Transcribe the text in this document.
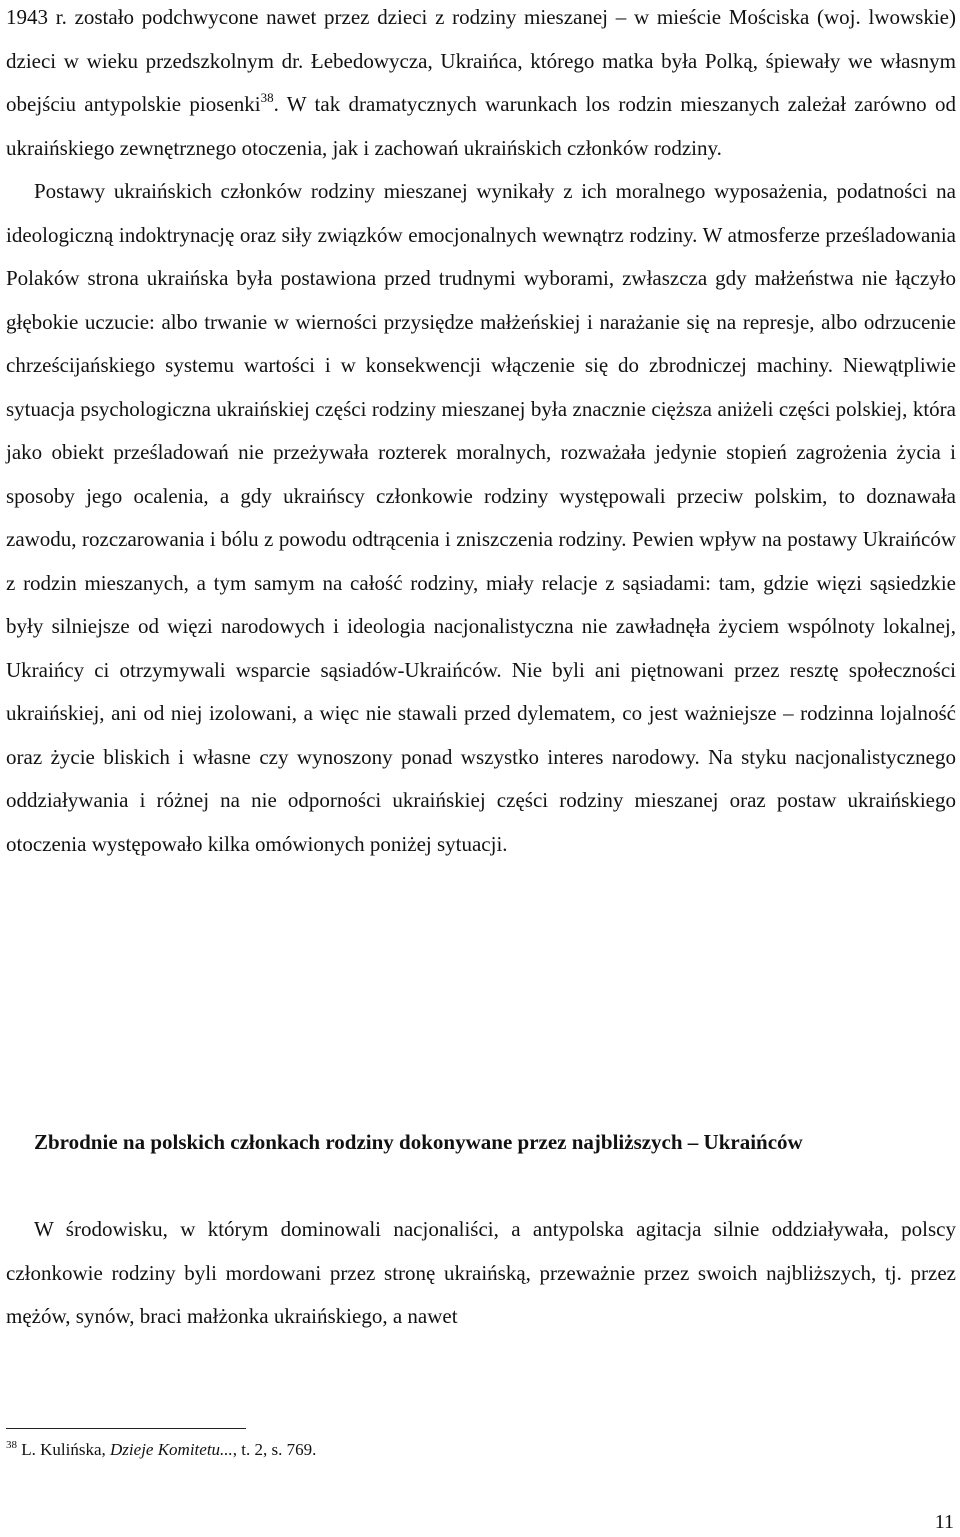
1943 r. zostało podchwycone nawet przez dzieci z rodziny mieszanej – w mieście Mościska (woj. lwowskie) dzieci w wieku przedszkolnym dr. Łebedowycza, Ukraińca, którego matka była Polką, śpiewały we własnym obejściu antypolskie piosenki$^{38}$. W tak dramatycznych warunkach los rodzin mieszanych zależał zarówno od ukraińskiego zewnętrznego otoczenia, jak i zachowań ukraińskich członków rodziny.

Postawy ukraińskich członków rodziny mieszanej wynikały z ich moralnego wyposażenia, podatności na ideologiczną indoktrynację oraz siły związków emocjonalnych wewnątrz rodziny. W atmosferze prześladowania Polaków strona ukraińska była postawiona przed trudnymi wyborami, zwłaszcza gdy małżeństwa nie łączyło głębokie uczucie: albo trwanie w wierności przysiędze małżeńskiej i narażanie się na represje, albo odrzucenie chrześcijańskiego systemu wartości i w konsekwencji włączenie się do zbrodniczej machiny. Niewątpliwie sytuacja psychologiczna ukraińskiej części rodziny mieszanej była znacznie cięższa aniżeli części polskiej, która jako obiekt prześladowań nie przeżywała rozterek moralnych, rozważała jedynie stopień zagrożenia życia i sposoby jego ocalenia, a gdy ukraińscy członkowie rodziny występowali przeciw polskim, to doznawała zawodu, rozczarowania i bólu z powodu odtrącenia i zniszczenia rodziny. Pewien wpływ na postawy Ukraińców z rodzin mieszanych, a tym samym na całość rodziny, miały relacje z sąsiadami: tam, gdzie więzi sąsiedzkie były silniejsze od więzi narodowych i ideologia nacjonalistyczna nie zawładnęła życiem wspólnoty lokalnej, Ukraińcy ci otrzymywali wsparcie sąsiadów-Ukraińców. Nie byli ani piętnowani przez resztę społeczności ukraińskiej, ani od niej izolowani, a więc nie stawali przed dylematem, co jest ważniejsze – rodzinna lojalność oraz życie bliskich i własne czy wynoszony ponad wszystko interes narodowy. Na styku nacjonalistycznego oddziaływania i różnej na nie odporności ukraińskiej części rodziny mieszanej oraz postaw ukraińskiego otoczenia występowało kilka omówionych poniżej sytuacji.

Zbrodnie na polskich członkach rodziny dokonywane przez najbliższych – Ukraińców

W środowisku, w którym dominowali nacjonaliści, a antypolska agitacja silnie oddziaływała, polscy członkowie rodziny byli mordowani przez stronę ukraińską, przeważnie przez swoich najbliższych, tj. przez mężów, synów, braci małżonka ukraińskiego, a nawet

$^{38}$ L. Kulińska, Dzieje Komitetu..., t. 2, s. 769.

11
